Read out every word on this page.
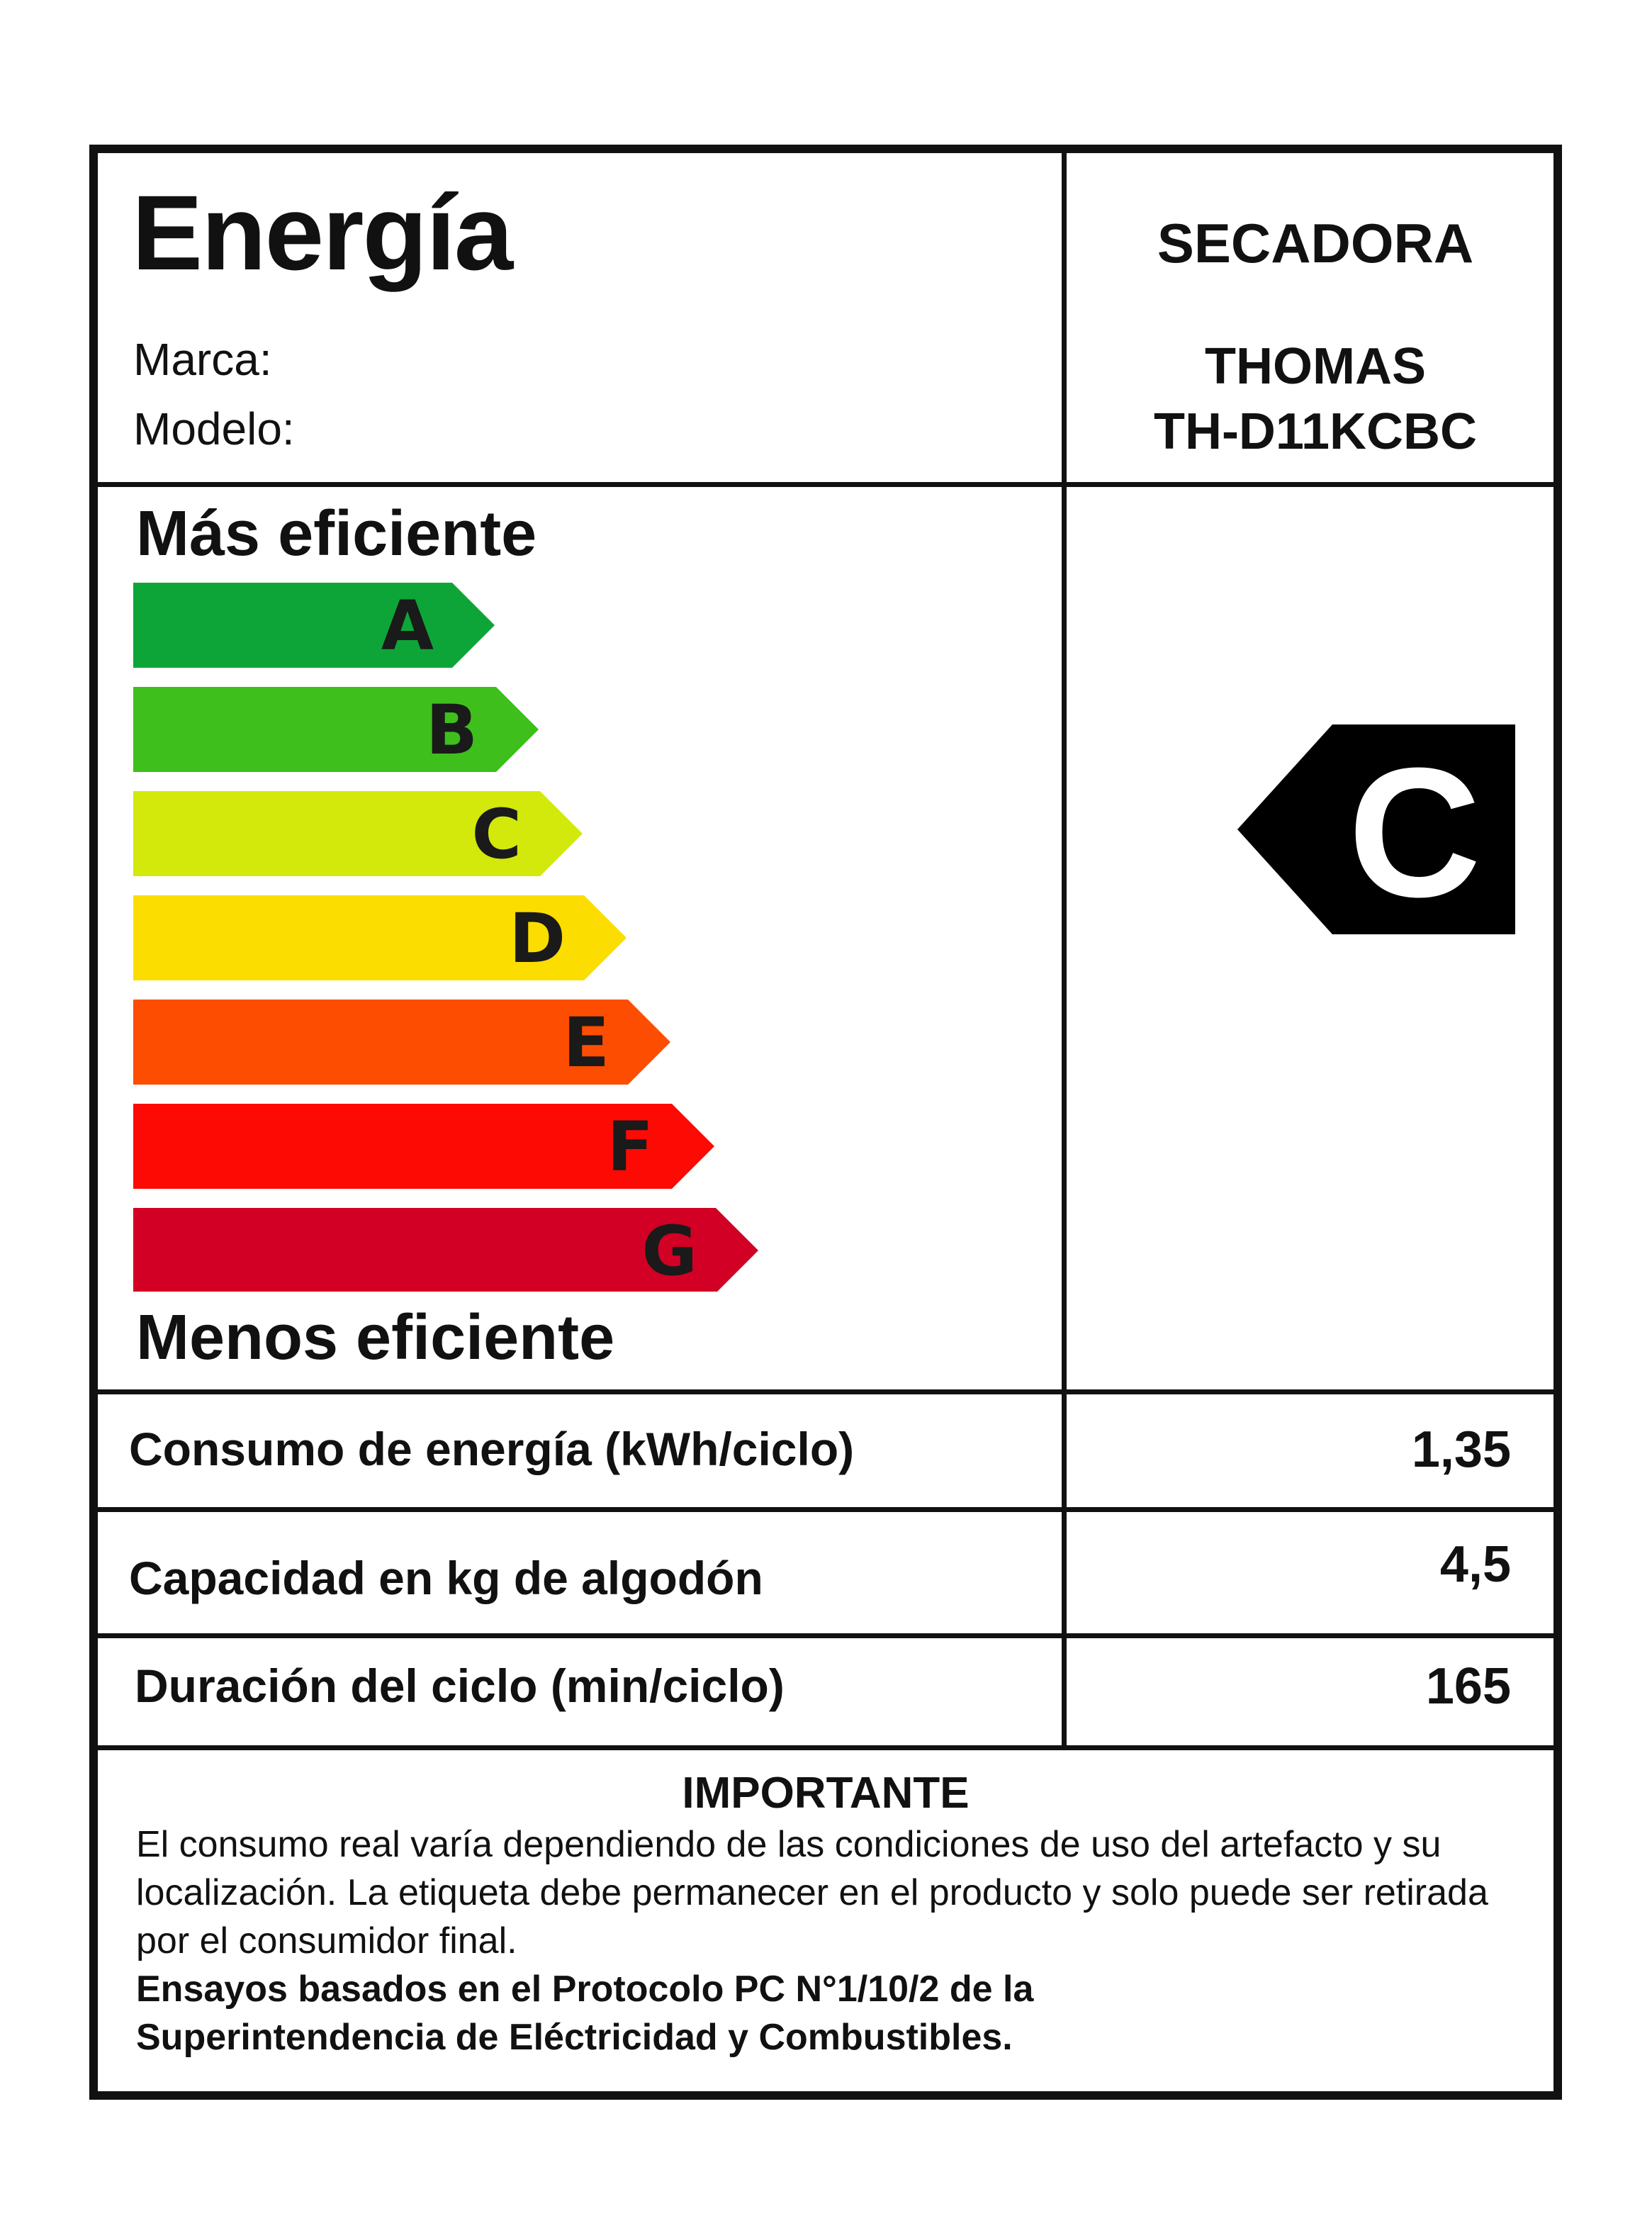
Energía
Marca:
Modelo:
SECADORA
THOMAS
TH-D11KCBC
Más eficiente
A
B
C
D
E
F
G
Menos eficiente
C
Consumo de energía (kWh/ciclo)	1,35
Capacidad en kg de algodón	4,5
Duración del ciclo (min/ciclo)	165
IMPORTANTE
El consumo real varía dependiendo de las condiciones de uso del artefacto y su localización. La etiqueta debe permanecer en el producto y solo puede ser retirada por el consumidor final.
Ensayos basados en el Protocolo PC N°1/10/2 de la Superintendencia de Eléctricidad y Combustibles.
